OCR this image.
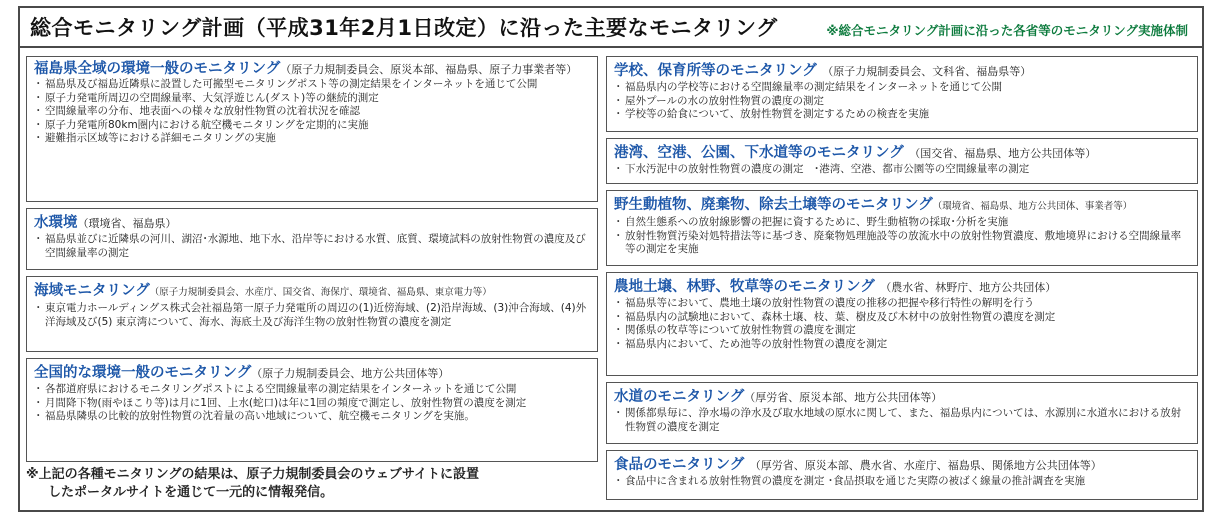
総合モニタリング計画（平成31年2月1日改定）に沿った主要なモニタリング	※総合モニタリング計画に沿った各省等のモニタリング実施体制
福島県全域の環境一般のモニタリング（原子力規制委員会、原災本部、福島県、原子力事業者等）
・ 福島県及び福島近隣県に設置した可搬型モニタリングポスト等の測定結果をインターネットを通じて公開
・ 原子力発電所周辺の空間線量率、大気浮遊じん(ダスト)等の継続的測定
・ 空間線量率の分布、地表面への様々な放射性物質の沈着状況を確認
・ 原子力発電所80km圏内における航空機モニタリングを定期的に実施
・ 避難指示区域等における詳細モニタリングの実施
水環境（環境省、福島県）
・ 福島県並びに近隣県の河川、湖沼･水源地、地下水、沿岸等における水質、底質、環境試料の放射性物質の濃度及び空間線量率の測定
海域モニタリング（原子力規制委員会、水産庁、国交省、海保庁、環境省、福島県、東京電力等）
・ 東京電力ホールディングス株式会社福島第一原子力発電所の周辺の(1)近傍海域、(2)沿岸海域、(3)沖合海域、(4)外洋海域及び(5) 東京湾について、海水、海底土及び海洋生物の放射性物質の濃度を測定
全国的な環境一般のモニタリング（原子力規制委員会、地方公共団体等）
・ 各都道府県におけるモニタリングポストによる空間線量率の測定結果をインターネットを通じて公開
・ 月間降下物(雨やほこり等)は月に1回、上水(蛇口)は年に1回の頻度で測定し、放射性物質の濃度を測定
・ 福島県隣県の比較的放射性物質の沈着量の高い地域について、航空機モニタリングを実施。
※上記の各種モニタリングの結果は、原子力規制委員会のウェブサイトに設置
したポータルサイトを通じて一元的に情報発信。
学校、保育所等のモニタリング　（原子力規制委員会、文科省、福島県等）
・ 福島県内の学校等における空間線量率の測定結果をインターネットを通じて公開
・ 屋外プールの水の放射性物質の濃度の測定
・ 学校等の給食について、放射性物質を測定するための検査を実施
港湾、空港、公園、下水道等のモニタリング　（国交省、福島県、地方公共団体等）
・ 下水汚泥中の放射性物質の濃度の測定　･港湾、空港、都市公園等の空間線量率の測定
野生動植物、廃棄物、除去土壌等のモニタリング（環境省、福島県、地方公共団体、事業者等）
・ 自然生態系への放射線影響の把握に資するために、野生動植物の採取･分析を実施
・ 放射性物質汚染対処特措法等に基づき、廃棄物処理施設等の放流水中の放射性物質濃度、敷地境界における空間線量率等の測定を実施
農地土壌、林野、牧草等のモニタリング　（農水省、林野庁、地方公共団体）
・ 福島県等において、農地土壌の放射性物質の濃度の推移の把握や移行特性の解明を行う
・ 福島県内の試験地において、森林土壌、枝、葉、樹皮及び木材中の放射性物質の濃度を測定
・ 関係県の牧草等について放射性物質の濃度を測定
・ 福島県内において、ため池等の放射性物質の濃度を測定
水道のモニタリング（厚労省、原災本部、地方公共団体等）
・ 関係都県毎に、浄水場の浄水及び取水地域の原水に関して、また、福島県内については、水源別に水道水における放射性物質の濃度を測定
食品のモニタリング　（厚労省、原災本部、農水省、水産庁、福島県、関係地方公共団体等）
・ 食品中に含まれる放射性物質の濃度を測定 ･食品摂取を通じた実際の被ばく線量の推計調査を実施
